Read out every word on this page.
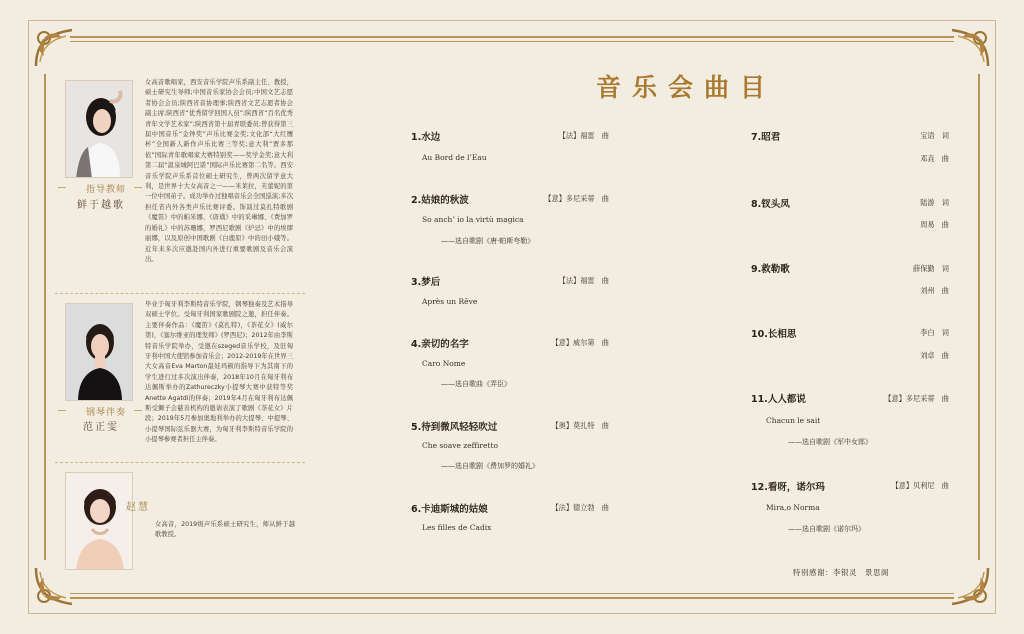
指导教师
鲜于越歌
女高音歌唱家，西安音乐学院声乐系副主任、教授，硕士研究生导师;中国音乐家协会会员;中国文艺志愿者协会会员;陕西省音协理事;陕西省文艺志愿者协会副主席;陕西省“优秀留学回国人员”;陕西省“百名优秀青年文学艺术家”;陕西省第十届青联委员;曾获得第三届中国音乐“金钟奖”声乐比赛金奖;文化部“大红鹰杯”全国新人新作声乐比赛三等奖;意大利“贾多那依”国际青年歌唱家大赛特别奖——奖学金奖;意大利第二届“温泉城阿巴诺”国际声乐比赛第二名等。西安音乐学院声乐系首位硕士研究生，曾两次留学意大利，是世界十大女高音之一——米莱拉，芙蕾妮的第一位中国弟子。成功举办过独唱音乐会全国巡演;多次担任省内外各类声乐比赛评委。饰演过莫扎特歌剧《魔笛》中的帕米娜、《唐璜》中的采琳娜、《费加罗的婚礼》中的苏珊娜，罗西尼歌剧《炉忌》中的埃缪丽娜，以及原创中国歌剧《白鹿原》中的田小娥等。近年来多次应邀赴国内外进行重要歌剧及音乐会演出。
钢琴伴奏
范正雯
毕业于匈牙利李斯特音乐学院，钢琴独奏及艺术指导双硕士学位。受匈牙利国家歌剧院之邀，担任伴奏。主要伴奏作品：《魔笛》(莫扎特)，《茶花女》(威尔第)，《塞尔维亚的理发师》(罗西尼)；2012年由李斯特音乐学院举办，受邀在szeged音乐学校，及驻匈牙利中国大使馆参加音乐会；2012-2019年在世界三大女高音Eva Marton最娃玛顿的指导下为其南下的学生进行过多次演出伴奏，2018年10月在匈牙利布达佩斯举办的Zathureczky小提琴大赛中获特等奖Anette Agatdi的伴奏；2019年4月在匈牙利布达佩斯受狮子会慈善机构的邀请表演了歌剧《茶花女》片段；2019年5月参加奥地利举办的大提琴、中提琴、小提琴国际弦乐器大赛，为匈牙利李斯特音乐学院的小提琴参赛者担任主伴奏。
赵慧
女高音，2019级声乐系硕士研究生，师从鲜于越歌教授。
音乐会曲目
1.水边	【法】福雷　曲
Au Bord de l’Eau
2.姑娘的秋波	【意】多尼采蒂　曲
So anch’ io la virtù magica
——选自歌剧《唐·帕斯夸勒》
3.梦后	【法】福雷　曲
Après un Rêve
4.亲切的名字	【意】威尔第　曲
Caro Nome
——选自歌曲《弄臣》
5.待到微风轻轻吹过	【奥】莫扎特　曲
Che soave zeffiretto
——选自歌剧《费加罗的婚礼》
6.卡迪斯城的姑娘	【法】德立勃　曲
Les filles de Cadix
7.昭君	宝语　词
邓垚　曲
8.钗头凤	陆游　词
周易　曲
9.救勒歌	薛保勤　词
刘州　曲
10.长相思	李白　词
刘卓　曲
11.人人都说	【意】多尼采蒂　曲
Chacun le sait
——选自歌剧《军中女郎》
12.看呀，诺尔玛	【意】贝利尼　曲
Mira,o Norma
——选自歌剧《诺尔玛》
特别感谢：李银灵　景思阁
